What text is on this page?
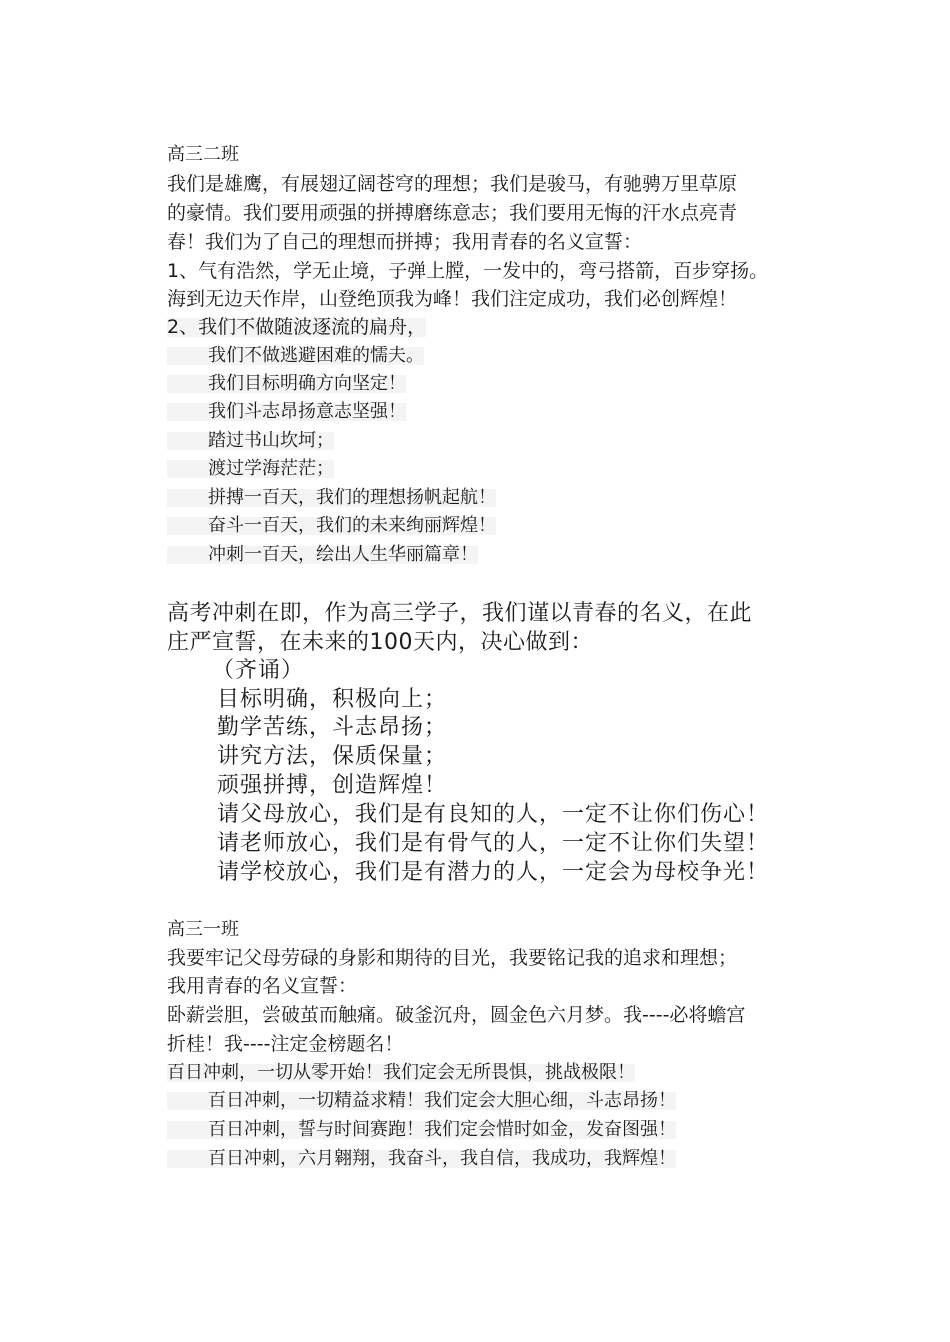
高三二班
我们是雄鹰，有展翅辽阔苍穹的理想；我们是骏马，有驰骋万里草原
的豪情。我们要用顽强的拼搏磨练意志；我们要用无悔的汗水点亮青
春！我们为了自己的理想而拼搏；我用青春的名义宣誓：
1、气有浩然，学无止境，子弹上膛，一发中的，弯弓搭箭，百步穿扬。
海到无边天作岸，山登绝顶我为峰！我们注定成功，我们必创辉煌！
2、我们不做随波逐流的扁舟，
我们不做逃避困难的懦夫。
我们目标明确方向坚定！
我们斗志昂扬意志坚强！
踏过书山坎坷；
渡过学海茫茫；
拼搏一百天，我们的理想扬帆起航！
奋斗一百天，我们的未来绚丽辉煌！
冲刺一百天，绘出人生华丽篇章！
高考冲刺在即，作为高三学子，我们谨以青春的名义，在此
庄严宣誓，在未来的100天内，决心做到：
（齐诵）
目标明确，积极向上；
勤学苦练，斗志昂扬；
讲究方法，保质保量；
顽强拼搏，创造辉煌！
请父母放心，我们是有良知的人，一定不让你们伤心！
请老师放心，我们是有骨气的人，一定不让你们失望！
请学校放心，我们是有潜力的人，一定会为母校争光！
高三一班
我要牢记父母劳碌的身影和期待的目光，我要铭记我的追求和理想；
我用青春的名义宣誓：
卧薪尝胆，尝破茧而触痛。破釜沉舟，圆金色六月梦。我----必将蟾宫
折桂！我----注定金榜题名！
百日冲刺，一切从零开始！我们定会无所畏惧，挑战极限！
百日冲刺，一切精益求精！我们定会大胆心细，斗志昂扬！
百日冲刺，誓与时间赛跑！我们定会惜时如金，发奋图强！
百日冲刺，六月翱翔，我奋斗，我自信，我成功，我辉煌！
